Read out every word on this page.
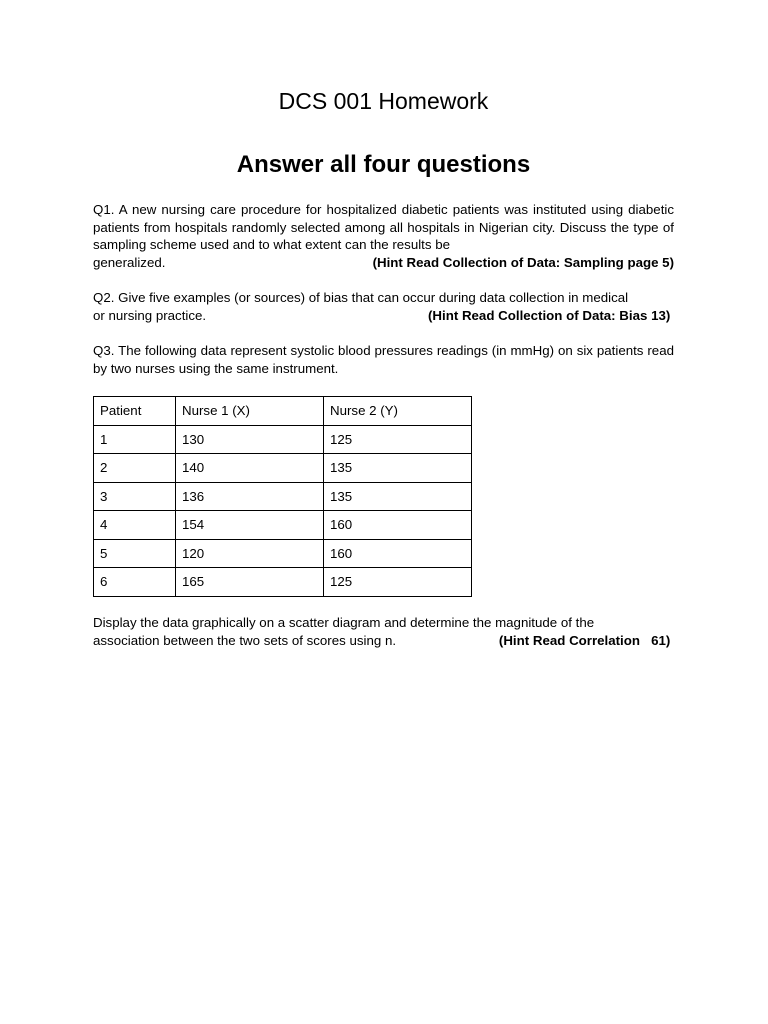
DCS 001 Homework
Answer all four questions
Q1. A new nursing care procedure for hospitalized diabetic patients was instituted using diabetic patients from hospitals randomly selected among all hospitals in Nigerian city. Discuss the type of sampling scheme used and to what extent can the results be
generalized.	(Hint Read Collection of Data: Sampling page 5)
Q2. Give five examples (or sources) of bias that can occur during data collection in medical
or nursing practice.	(Hint Read Collection of Data: Bias 13)
Q3. The following data represent systolic blood pressures readings (in mmHg) on six patients read by two nurses using the same instrument.
Patient	Nurse 1 (X)	Nurse 2 (Y)
1	130	125
2	140	135
3	136	135
4	154	160
5	120	160
6	165	125
Display the data graphically on a scatter diagram and determine the magnitude of the
association between the two sets of scores using n.	(Hint Read Correlation   61)
